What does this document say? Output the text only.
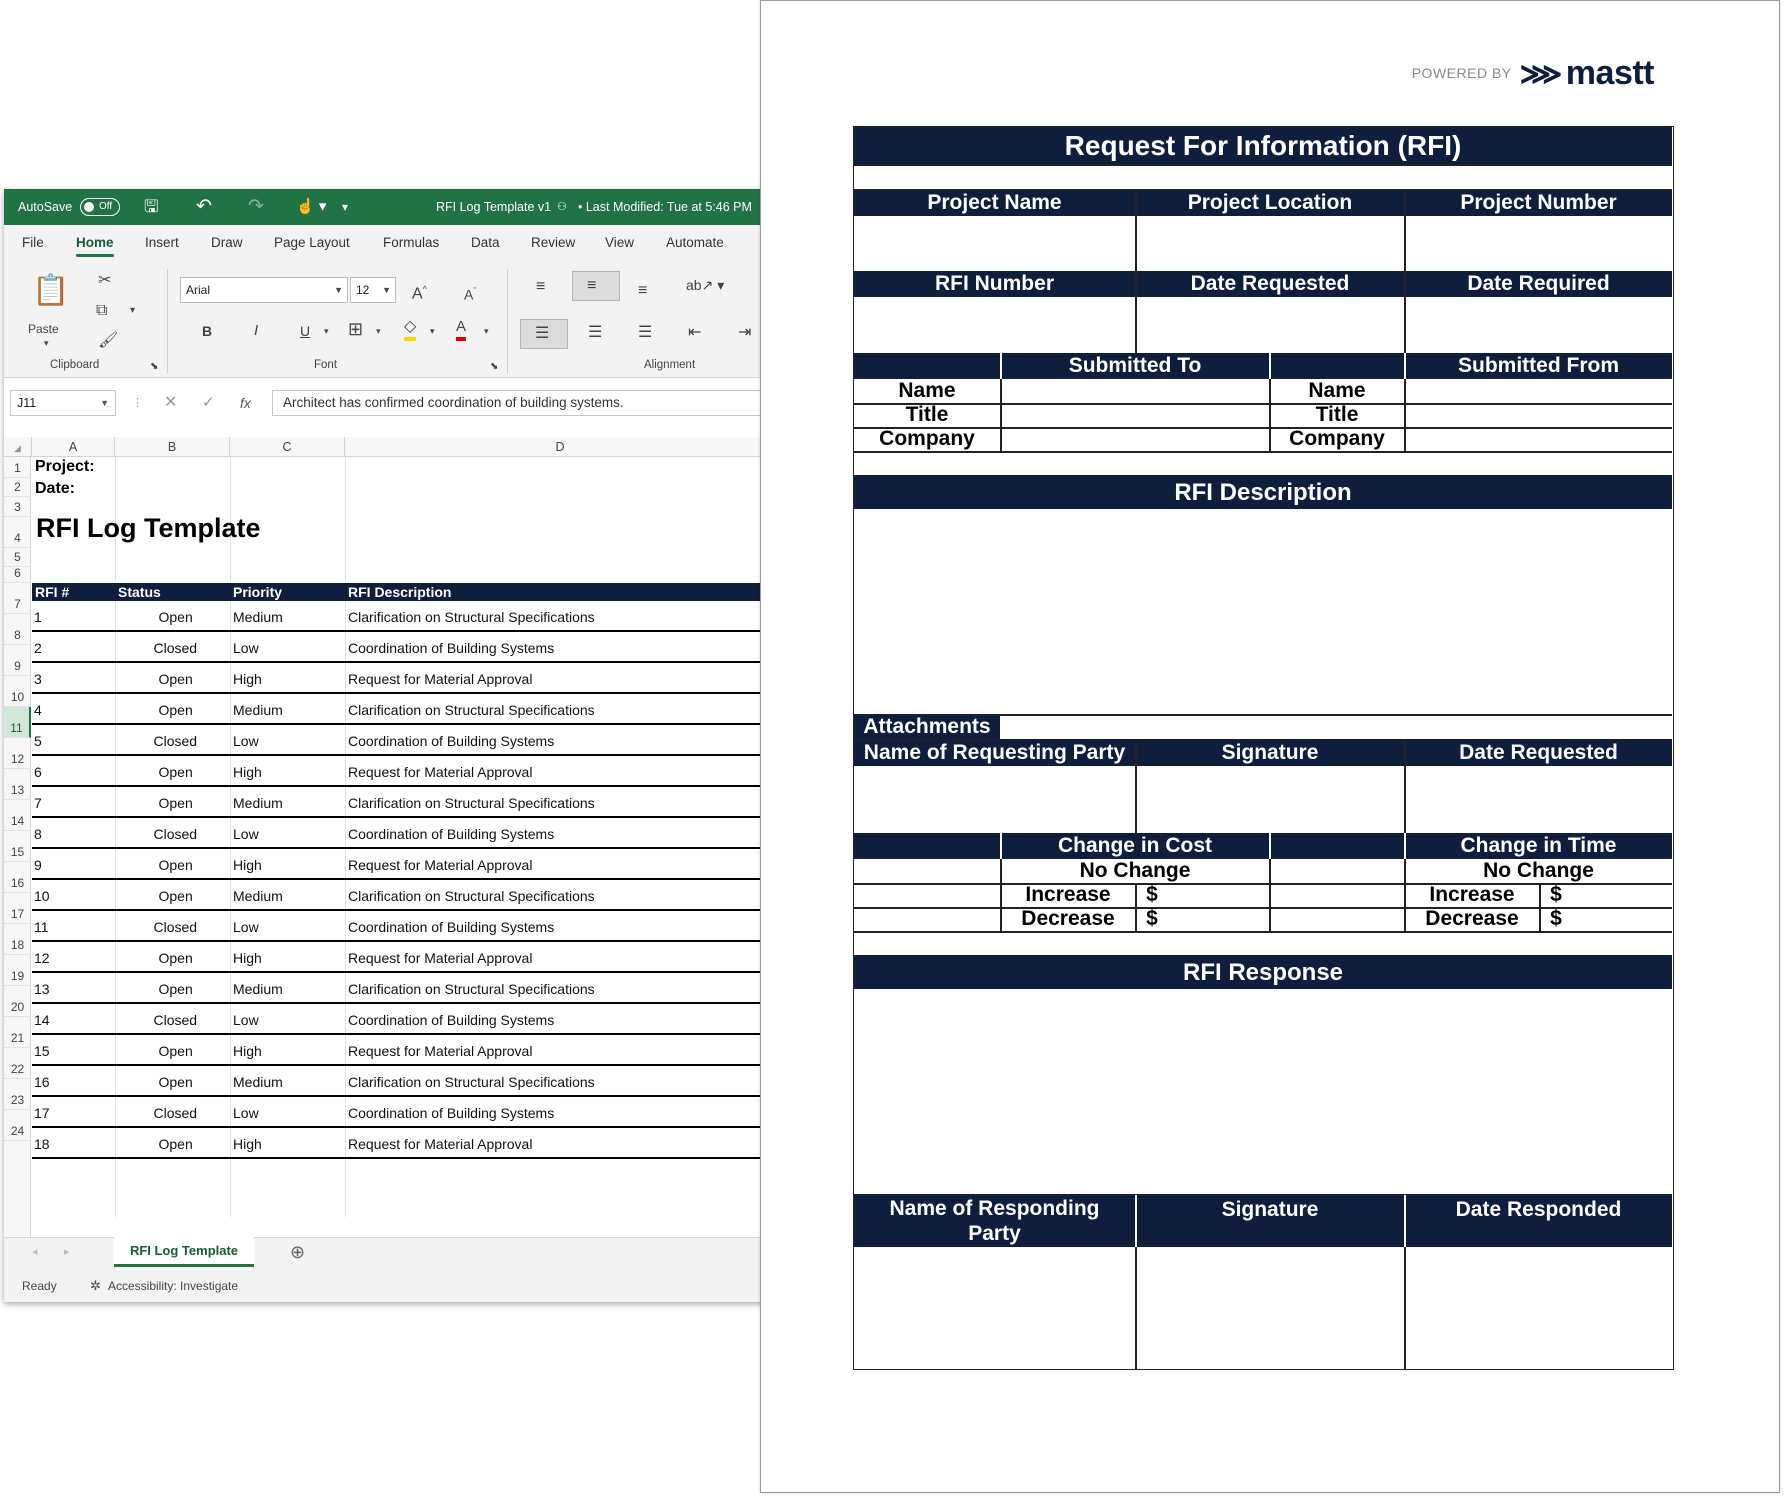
AutoSave	Off	🖫 ↶ ↷ ☝ ▾ ▾	RFI Log Template v1 ⚇ • Last Modified: Tue at 5:46 PM
File Home Insert Draw Page Layout Formulas Data Review View Automate
📋
Paste
▾
✂
⧉ ▾
🖌
Clipboard	⬊
Arial	▼	12 ▼ A^	$A^ˇ$
B	I	U ▾ ⊞ ▾ ◇ ▾ A ▾
Font	⬊
≡	≡	≡	ab↗ ▾
☰ ☰ ☰ ⇤ ⇥
Alignment
J11	▼ ⋮ ✕ ✓ fx	Architect has confirmed coordination of building systems.
◢	A	B	C	D
1
2
3
4
5
6
7
8
9
10
11
12
13
14
15
16
17
18
19
20
21
22
23
24
Project:
Date:
RFI Log Template
RFI #	Status	Priority	RFI Description
1	Open	Medium	Clarification on Structural Specifications
2	Closed	Low	Coordination of Building Systems
3	Open	High	Request for Material Approval
4	Open	Medium	Clarification on Structural Specifications
5	Closed	Low	Coordination of Building Systems
6	Open	High	Request for Material Approval
7	Open	Medium	Clarification on Structural Specifications
8	Closed	Low	Coordination of Building Systems
9	Open	High	Request for Material Approval
10	Open	Medium	Clarification on Structural Specifications
11	Closed	Low	Coordination of Building Systems
12	Open	High	Request for Material Approval
13	Open	Medium	Clarification on Structural Specifications
14	Closed	Low	Coordination of Building Systems
15	Open	High	Request for Material Approval
16	Open	Medium	Clarification on Structural Specifications
17	Closed	Low	Coordination of Building Systems
18	Open	High	Request for Material Approval
◂ ▸	RFI Log Template	⊕
Ready	✲ Accessibility: Investigate
POWERED BY ⋙ mastt
Request For Information (RFI)
Project Name	Project Location	Project Number
RFI Number	Date Requested	Date Required
Submitted To	Submitted From
Name
Title
Company
Name
Title
Company
RFI Description
Attachments
Name of Requesting Party	Signature	Date Requested
Change in Cost	Change in Time
No Change
Increase
Decrease
$
$
No Change
Increase
Decrease
$
$
RFI Response
Name of Responding Party
Signature	Date Responded
